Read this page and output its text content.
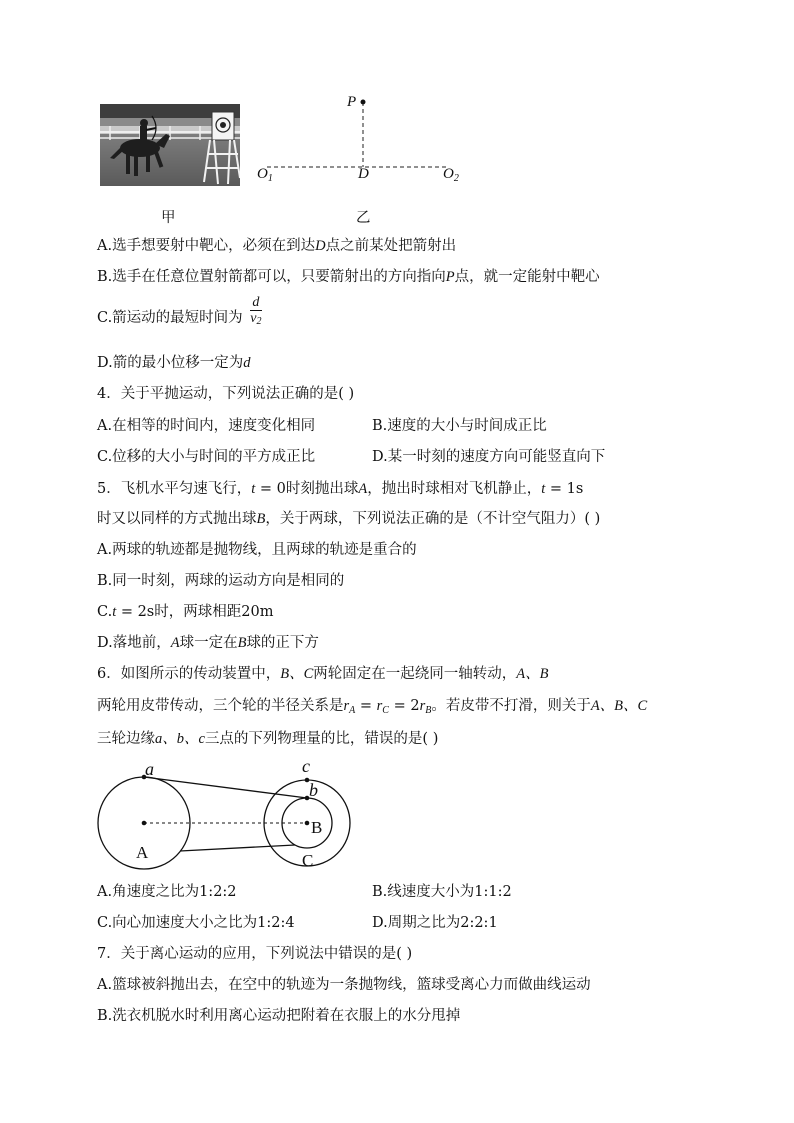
P
D
$O_1$	$O_2$
甲	乙
A.选手想要射中靶心，必须在到达D点之前某处把箭射出
B.选手在任意位置射箭都可以，只要箭射出的方向指向P点，就一定能射中靶心
C.箭运动的最短时间为 $\frac{d}{v_2}$
D.箭的最小位移一定为d
4．关于平抛运动，下列说法正确的是( )
A.在相等的时间内，速度变化相同	B.速度的大小与时间成正比
C.位移的大小与时间的平方成正比	D.某一时刻的速度方向可能竖直向下
5．飞机水平匀速飞行，t = 0时刻抛出球A，抛出时球相对飞机静止，t = 1s
时又以同样的方式抛出球B，关于两球，下列说法正确的是（不计空气阻力）( )
A.两球的轨迹都是抛物线，且两球的轨迹是重合的
B.同一时刻，两球的运动方向是相同的
C.t = 2s时，两球相距20m
D.落地前，A球一定在B球的正下方
6．如图所示的传动装置中，B、C两轮固定在一起绕同一轴转动，A、B
两轮用皮带传动，三个轮的半径关系是$r_A = r_C = 2r_B$。若皮带不打滑，则关于A、B、C
三轮边缘a、b、c三点的下列物理量的比，错误的是( )
a	c
b
A
B
C
A.角速度之比为1:2:2	B.线速度大小为1:1:2
C.向心加速度大小之比为1:2:4	D.周期之比为2:2:1
7．关于离心运动的应用，下列说法中错误的是( )
A.篮球被斜抛出去，在空中的轨迹为一条抛物线，篮球受离心力而做曲线运动
B.洗衣机脱水时利用离心运动把附着在衣服上的水分甩掉
